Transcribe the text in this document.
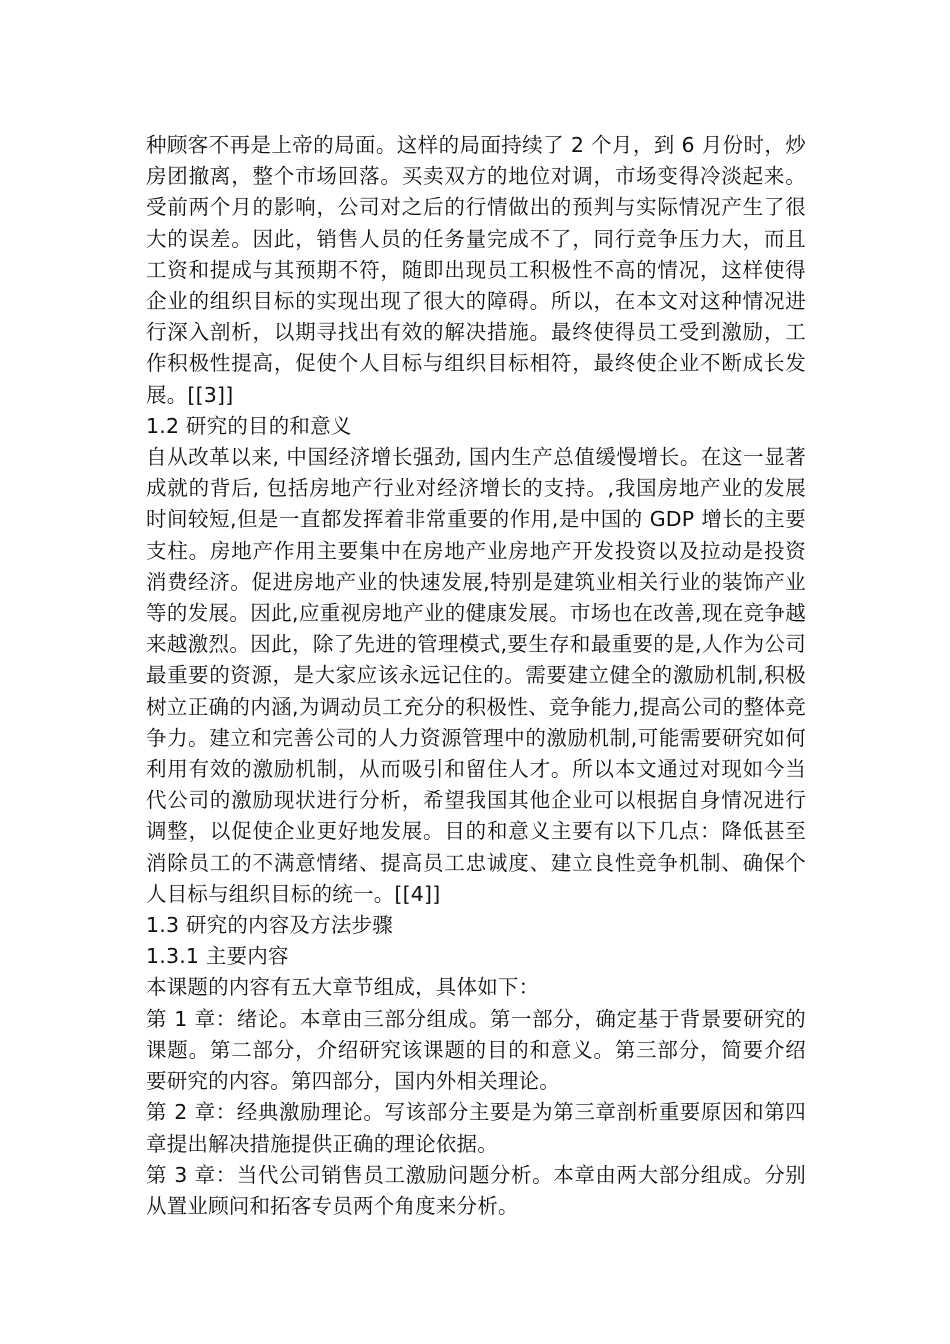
种顾客不再是上帝的局面。这样的局面持续了 2 个月，到 6 月份时，炒房团撤离，整个市场回落。买卖双方的地位对调，市场变得冷淡起来。受前两个月的影响，公司对之后的行情做出的预判与实际情况产生了很大的误差。因此，销售人员的任务量完成不了，同行竞争压力大，而且工资和提成与其预期不符，随即出现员工积极性不高的情况，这样使得企业的组织目标的实现出现了很大的障碍。所以，在本文对这种情况进行深入剖析，以期寻找出有效的解决措施。最终使得员工受到激励，工作积极性提高，促使个人目标与组织目标相符，最终使企业不断成长发展。[[3]]

1.2 研究的目的和意义

自从改革以来, 中国经济增长强劲, 国内生产总值缓慢增长。在这一显著成就的背后, 包括房地产行业对经济增长的支持。,我国房地产业的发展时间较短,但是一直都发挥着非常重要的作用,是中国的 GDP 增长的主要支柱。房地产作用主要集中在房地产业房地产开发投资以及拉动是投资消费经济。促进房地产业的快速发展,特别是建筑业相关行业的装饰产业等的发展。因此,应重视房地产业的健康发展。市场也在改善,现在竞争越来越激烈。因此，除了先进的管理模式,要生存和最重要的是,人作为公司最重要的资源，是大家应该永远记住的。需要建立健全的激励机制,积极树立正确的内涵,为调动员工充分的积极性、竞争能力,提高公司的整体竞争力。建立和完善公司的人力资源管理中的激励机制,可能需要研究如何利用有效的激励机制，从而吸引和留住人才。所以本文通过对现如今当代公司的激励现状进行分析，希望我国其他企业可以根据自身情况进行调整，以促使企业更好地发展。目的和意义主要有以下几点：降低甚至消除员工的不满意情绪、提高员工忠诚度、建立良性竞争机制、确保个人目标与组织目标的统一。[[4]]

1.3 研究的内容及方法步骤

1.3.1 主要内容

本课题的内容有五大章节组成，具体如下：

第 1 章：绪论。本章由三部分组成。第一部分，确定基于背景要研究的课题。第二部分，介绍研究该课题的目的和意义。第三部分，简要介绍要研究的内容。第四部分，国内外相关理论。

第 2 章：经典激励理论。写该部分主要是为第三章剖析重要原因和第四章提出解决措施提供正确的理论依据。

第 3 章：当代公司销售员工激励问题分析。本章由两大部分组成。分别从置业顾问和拓客专员两个角度来分析。
